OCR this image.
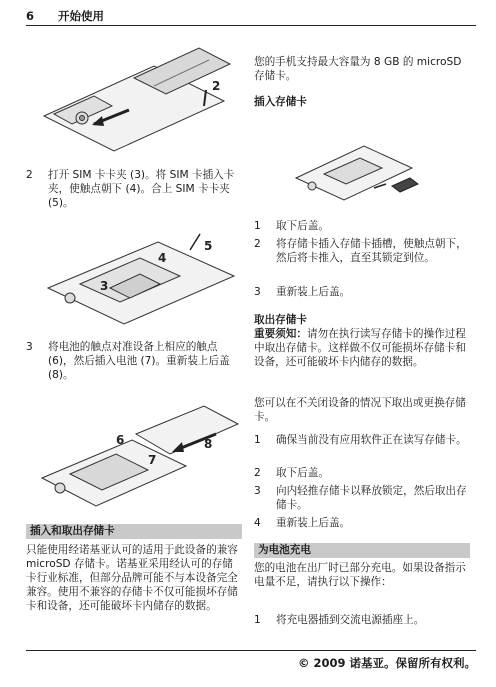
6 开始使用
2
2 打开 SIM 卡卡夹 (3)。将 SIM 卡插入卡夹，使触点朝下 (4)。合上 SIM 卡卡夹 (5)。
5
4
3
3 将电池的触点对准设备上相应的触点 (6)，然后插入电池 (7)。重新装上后盖 (8)。
6
7
8
插入和取出存储卡
只能使用经诺基亚认可的适用于此设备的兼容 microSD 存储卡。诺基亚采用经认可的存储卡行业标准，但部分品牌可能不与本设备完全兼容。使用不兼容的存储卡不仅可能损坏存储卡和设备，还可能破坏卡内储存的数据。
您的手机支持最大容量为 8 GB 的 microSD 存储卡。
插入存储卡
1 取下后盖。
2 将存储卡插入存储卡插槽，使触点朝下，然后将卡推入，直至其锁定到位。
3 重新装上后盖。
取出存储卡
重要须知：请勿在执行读写存储卡的操作过程中取出存储卡。这样做不仅可能损坏存储卡和设备，还可能破坏卡内储存的数据。
您可以在不关闭设备的情况下取出或更换存储卡。
1 确保当前没有应用软件正在读写存储卡。
2 取下后盖。
3 向内轻推存储卡以释放锁定，然后取出存储卡。
4 重新装上后盖。
为电池充电
您的电池在出厂时已部分充电。如果设备指示电量不足，请执行以下操作：
1 将充电器插到交流电源插座上。
© 2009 诺基亚。保留所有权利。
